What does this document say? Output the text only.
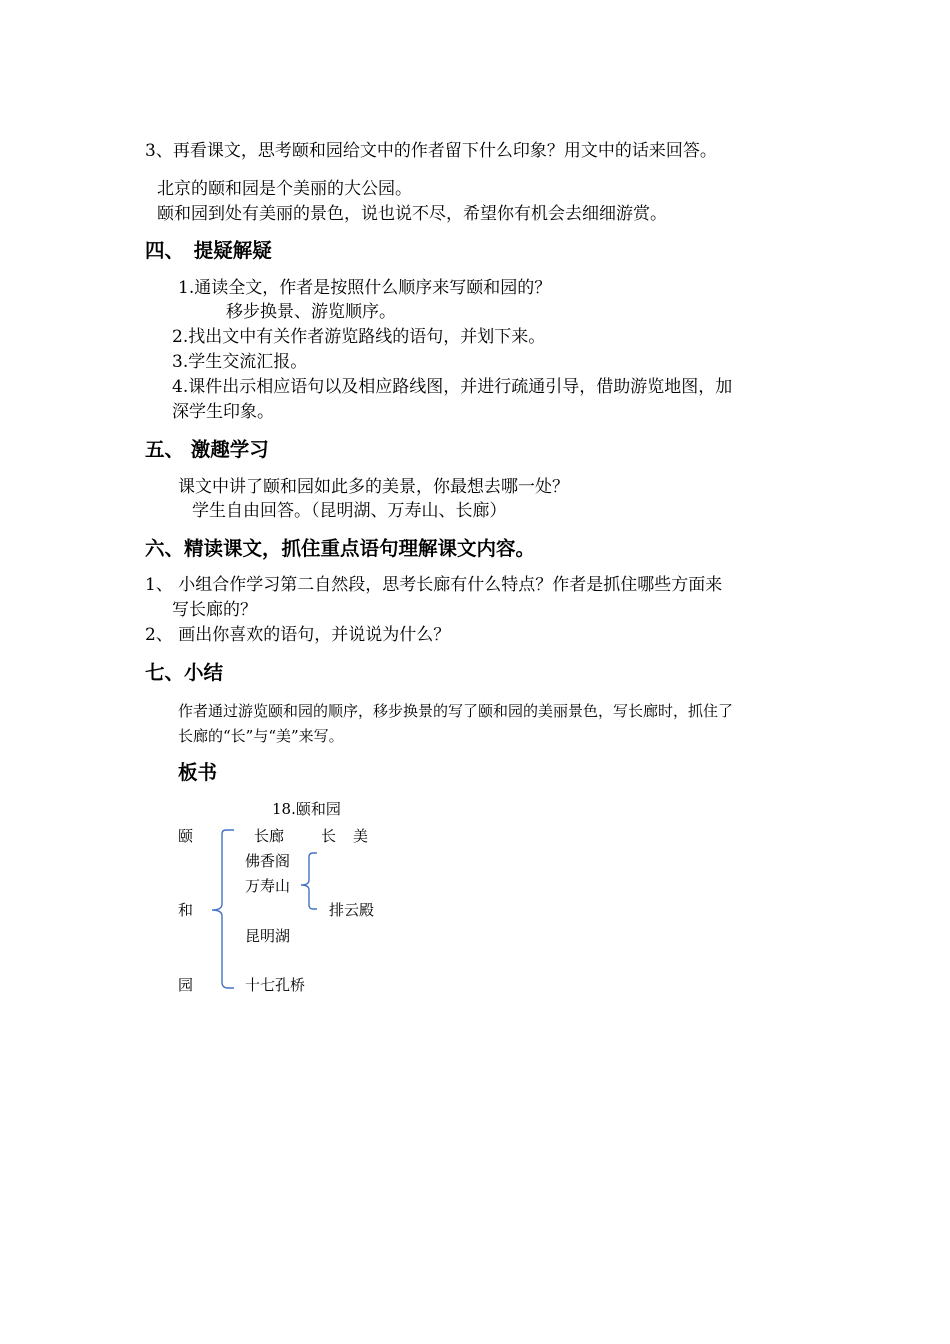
3、再看课文，思考颐和园给文中的作者留下什么印象？用文中的话来回答。
北京的颐和园是个美丽的大公园。
颐和园到处有美丽的景色，说也说不尽，希望你有机会去细细游赏。
四、　提疑解疑
1.通读全文，作者是按照什么顺序来写颐和园的？
移步换景、游览顺序。
2.找出文中有关作者游览路线的语句，并划下来。
3.学生交流汇报。
4.课件出示相应语句以及相应路线图，并进行疏通引导，借助游览地图，加
深学生印象。
五、 激趣学习
课文中讲了颐和园如此多的美景，你最想去哪一处？
学生自由回答。（昆明湖、万寿山、长廊）
六、精读课文，抓住重点语句理解课文内容。
1、 小组合作学习第二自然段，思考长廊有什么特点？作者是抓住哪些方面来
写长廊的？
2、 画出你喜欢的语句，并说说为什么？
七、小结
作者通过游览颐和园的顺序，移步换景的写了颐和园的美丽景色，写长廊时，抓住了
长廊的“长”与“美”来写。
板书
18.颐和园
颐
和
园
长廊 长 美
佛香阁
万寿山
排云殿
昆明湖
十七孔桥
